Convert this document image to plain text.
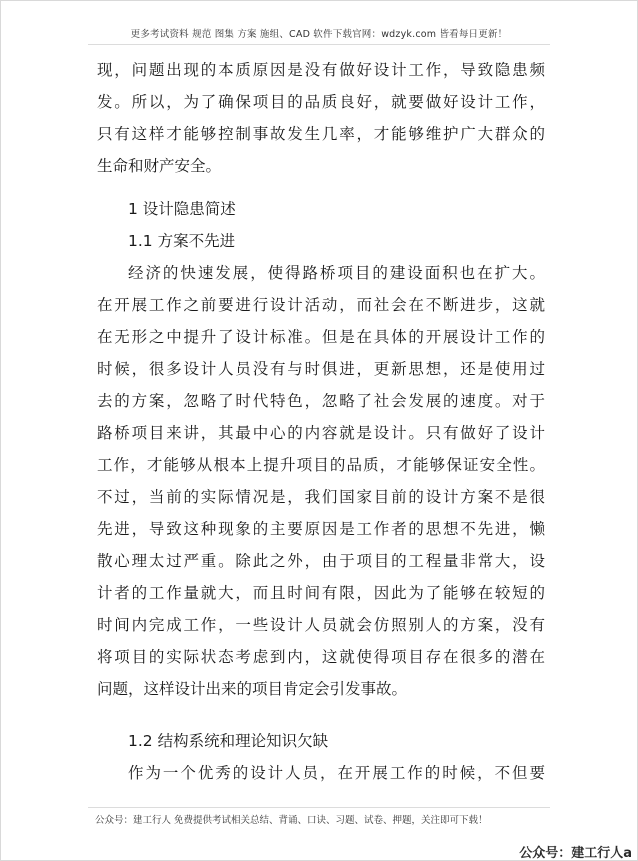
更多考试资料 规范 图集 方案 施组、CAD 软件下载官网：wdzyk.com 皆看每日更新！
现，问题出现的本质原因是没有做好设计工作，导致隐患频
发。所以，为了确保项目的品质良好，就要做好设计工作，
只有这样才能够控制事故发生几率，才能够维护广大群众的
生命和财产安全。
1 设计隐患简述
1.1 方案不先进
经济的快速发展，使得路桥项目的建设面积也在扩大。
在开展工作之前要进行设计活动，而社会在不断进步，这就
在无形之中提升了设计标准。但是在具体的开展设计工作的
时候，很多设计人员没有与时俱进，更新思想，还是使用过
去的方案，忽略了时代特色，忽略了社会发展的速度。对于
路桥项目来讲，其最中心的内容就是设计。只有做好了设计
工作，才能够从根本上提升项目的品质，才能够保证安全性。
不过，当前的实际情况是，我们国家目前的设计方案不是很
先进，导致这种现象的主要原因是工作者的思想不先进，懒
散心理太过严重。除此之外，由于项目的工程量非常大，设
计者的工作量就大，而且时间有限，因此为了能够在较短的
时间内完成工作，一些设计人员就会仿照别人的方案，没有
将项目的实际状态考虑到内，这就使得项目存在很多的潜在
问题，这样设计出来的项目肯定会引发事故。
1.2 结构系统和理论知识欠缺
作为一个优秀的设计人员，在开展工作的时候，不但要
公众号：建工行人 免费提供考试相关总结、背诵、口诀、习题、试卷、押题，关注即可下载！
公众号：建工行人a
